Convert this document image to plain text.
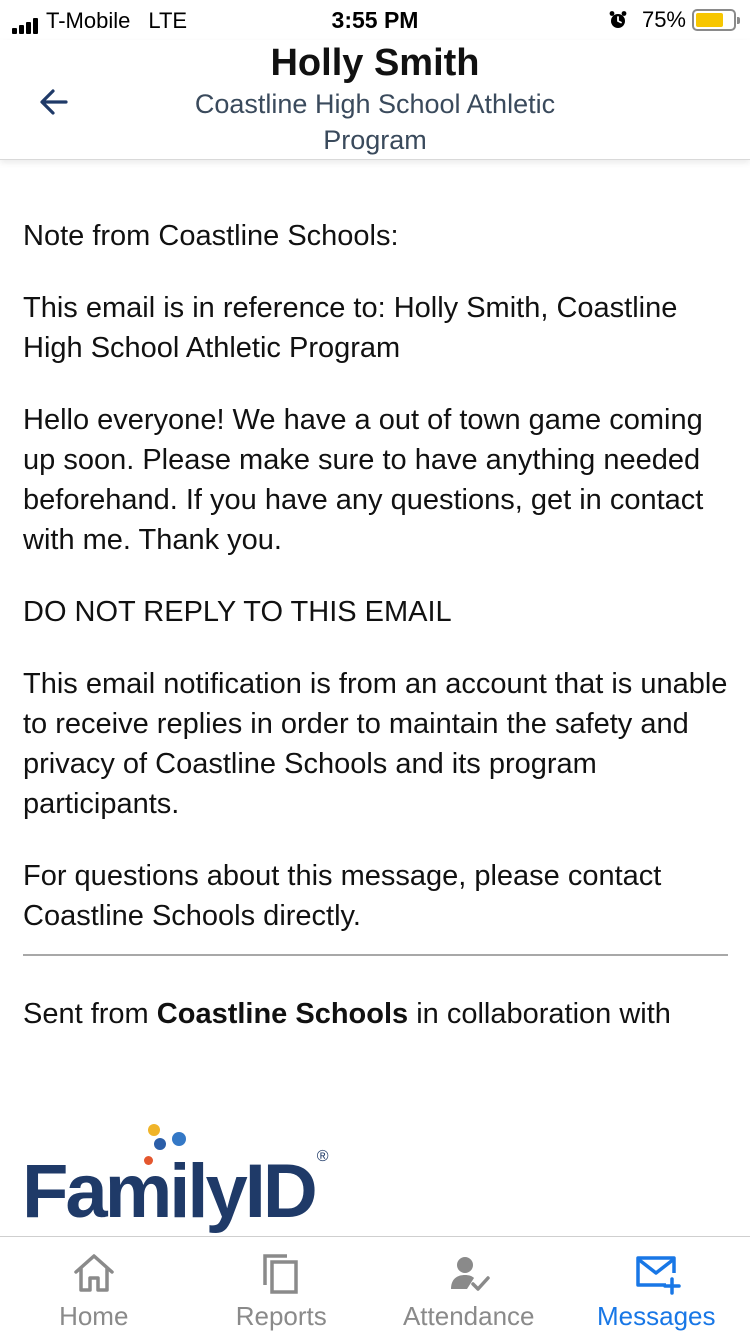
T-Mobile LTE	3:55 PM	75%
Holly Smith
Coastline High School Athletic Program

Note from Coastline Schools:

This email is in reference to: Holly Smith, Coastline High School Athletic Program

Hello everyone! We have a out of town game coming up soon. Please make sure to have anything needed beforehand. If you have any questions, get in contact with me. Thank you.

DO NOT REPLY TO THIS EMAIL

This email notification is from an account that is unable to receive replies in order to maintain the safety and privacy of Coastline Schools and its program participants.

For questions about this message, please contact Coastline Schools directly.

Sent from Coastline Schools in collaboration with

FamilyID ®
Home	Reports	Attendance Messages
